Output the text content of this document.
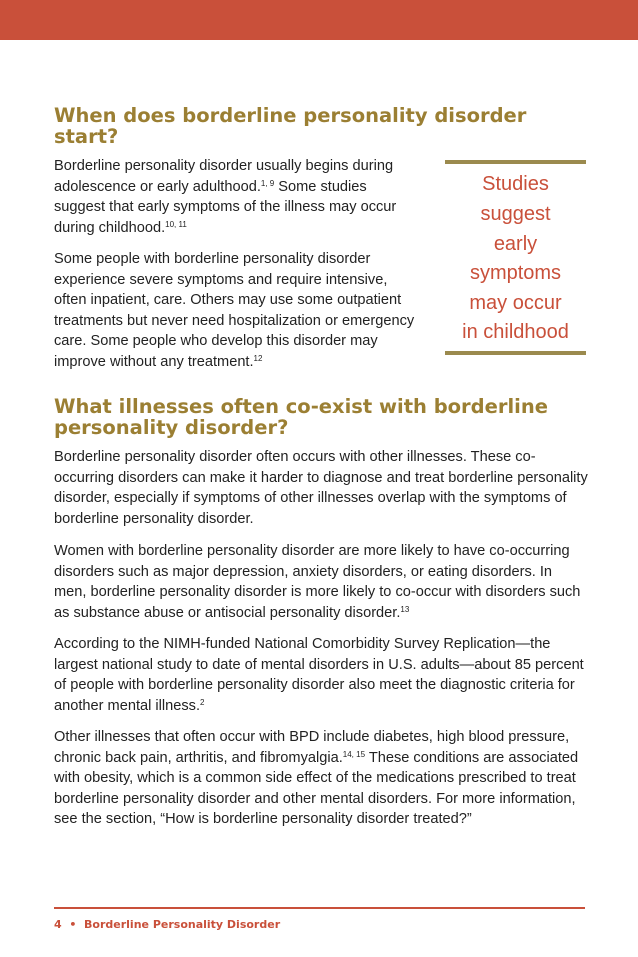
When does borderline personality disorder start?

Borderline personality disorder usually begins during adolescence or early adulthood.$^{1, 9}$ Some studies suggest that early symptoms of the illness may occur during childhood.$^{10, 11}$

Some people with borderline personality disorder experience severe symptoms and require intensive, often inpatient, care. Others may use some outpatient treatments but never need hospitalization or emergency care. Some people who develop this disorder may improve without any treatment.$^{12}$

Studies
suggest
early
symptoms
may occur
in childhood
What illnesses often co-exist with borderline personality disorder?

Borderline personality disorder often occurs with other illnesses. These co-occurring disorders can make it harder to diagnose and treat borderline personality disorder, especially if symptoms of other illnesses overlap with the symptoms of borderline personality disorder.

Women with borderline personality disorder are more likely to have co-occurring disorders such as major depression, anxiety disorders, or eating disorders. In men, borderline personality disorder is more likely to co-occur with disorders such as substance abuse or antisocial personality disorder.$^{13}$

According to the NIMH-funded National Comorbidity Survey Replication—the largest national study to date of mental disorders in U.S. adults—about 85 percent of people with borderline personality disorder also meet the diagnostic criteria for another mental illness.$^2$

Other illnesses that often occur with BPD include diabetes, high blood pressure, chronic back pain, arthritis, and fibromyalgia.$^{14, 15}$ These conditions are associated with obesity, which is a common side effect of the medications prescribed to treat borderline personality disorder and other mental disorders. For more information, see the section, “How is borderline personality disorder treated?”

4 • Borderline Personality Disorder
